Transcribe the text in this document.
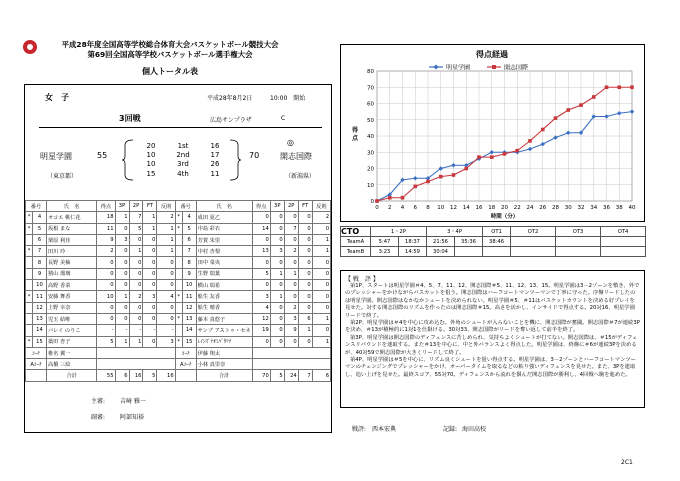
平成28年度全国高等学校総合体育大会バスケットボール競技大会
第69回全国高等学校バスケットボール選手権大会
個人トータル表
女　子	平成28年8月2日	10:00　開始
3回戦	広島サンプラザ	C
明星学園
（東京都）
55
20	1st	16
10	2nd	17
10	3rd	26
15	4th	11
70
◎
開志国際
（新潟県）
番号		氏　名	得点	3P	2P	FT	反則	番号		氏　名	得点	3P	2P	FT	反則
*	4	オコエ 桃仁花	18	1	7	1	2	*	4	成田 夏乙	0	0	0	0	2
*	5	坂根 まな	11	0	5	1	1	*	5	中島 彩衣	14	0	7	0	0
	6	栗原 利佳	9	3	0	0	1		6	芳賀 朱里	0	0	0	0	1
*	7	田川 玲	2	0	1	0	1		7	中村 杏梨	13	3	2	0	1
	8	長野 美柚	0	0	0	0	0		8	田中 菜央	0	0	0	0	0
	9	猪山 瑠璃	0	0	0	0	0		9	生野 瑞葉	5	1	1	0	0
	10	高野 香菜	0	0	0	0	0		10	横山 瑞希	0	0	0	0	0
*	11	安藤 舞香	10	1	2	3	4	*	11	船生 友香	3	1	0	0	0
	12	上野 幸奈	0	0	0	0	0		12	船生 晴香	4	0	2	0	0
	13	児玉 結唯	0	0	0	0	0	*	13	藤本 真悠子	12	0	3	6	1
	14	バレイ のりこ	-	-	-	-	-		14	サンブ アストゥ・セネ	19	0	9	1	0
*	15	築田 杏子	5	1	1	0	3	*	15	ﾚｲﾝｽﾞﾅｵﾐﾊﾟｳﾘﾅ	0	0	0	0	1
ｺｰﾁ		椎名 翼一						ｺｰﾁ		伊藤 翔太					
Aｺｰﾁ		高橋 三絵						Aｺｰﾁ		小林 真里奈					
		合計	55	6	16	5	16			合計	70	5	24	7	6
主審: 吉﨑 雅一
副審: 阿部知裕
得点経過
明星学園	開志国際
0
10
20
30
40
50
60
70
80
0 2 4 6 8 10 12 14 16 18 20 22 24 26 28 30 32 34 36 38 40
時間（分）
得
点
CTO	1・2P		3・4P		OT1	OT2	OT3	OT4
TeamA	5:47	18:37	21:56	35:36	38:46			
TeamB	3:23	14:59	30:04					
【 戦　評 】

第1P、スタートは明星学園＃4、5、7、11、12、開志国際＃5、11、12、13、15。明星学園は3－2ゾーンを敷き、外でのプレッシャーをかけながらバスカットを狙う。開志国際はハーフコートマンツーマンで丁寧に守った。序盤リードしたのは明星学園。開志国際はなかなかシュートを決められない。明星学園＃5、＃11はバスケットカウントを決める好プレイを見せた。対する開志国際のリズムを作ったのは開志国際＃15。高さを活かし、インサイドで得点する。20対16、明星学園リードで終了。

第2P、明星学園は＃4を中心に攻め込む。外角のシュートが入らないことを機に、開志国際が奮闘。開志国際＃7が連続3Pを決め、＃13が積極的に1対1を仕掛ける。30対33、開志国際がリードを奪い返して前半を終了。

第3P、明星学園は開志国際のディフェンスに苦しめられ、気持ちよくシュートが打てない。開志国際は、＃15がディフェンスリバウンドを連取する。また＃13を中心に、中と外バランスよく得点した。明星学園は、終盤に＃6が連続3Pを決めるが、40対59で開志国際が大きくリードして終了。

第4P、明星学園は＃5を中心に、リズム良くシュートを狙い得点する。明星学園は、3－2ゾーンとハーフコートマンツーマンのチェンジングでプレッシャーをかけ、オーバータイムを取るなどの粘り強いディフェンスを見せた。また、3Pを連取し、追い上げを見せた。最終スコア、55対70。ディフェンスから流れを掴んだ開志国際が勝利し、4回戦へ駒を進めた。

戦評: 西本宏典	記録: 海田高校
2C1
